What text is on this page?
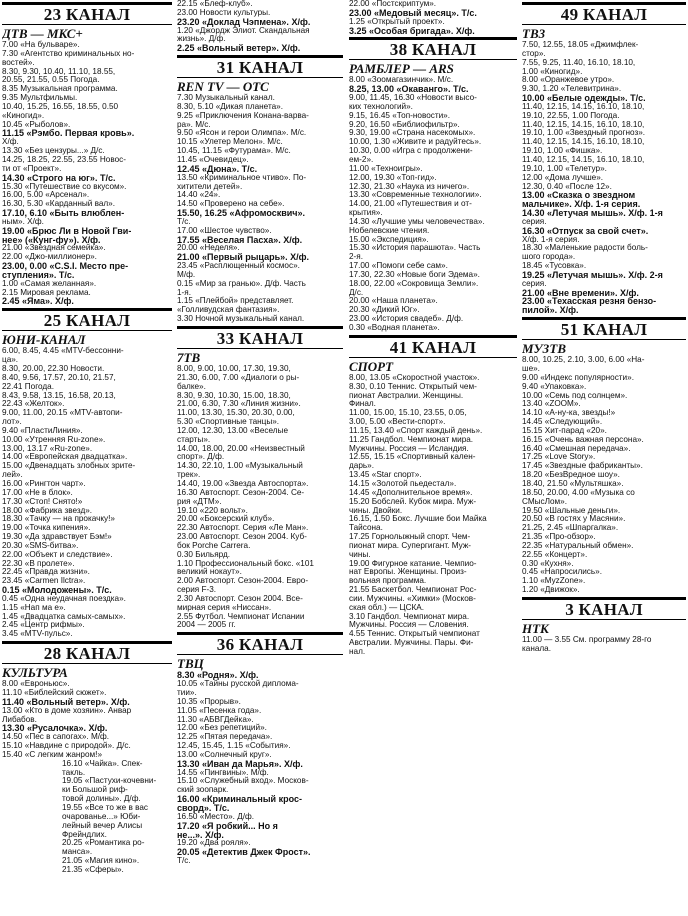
23 КАНАЛ
ДТВ — МКС+
7.00 «На бульваре».
7.30 «Агентство криминальных но-
востей».
8.30, 9.30, 10.40, 11.10, 18.55,
20.55, 21.55, 0.55 Погода.
8.35 Музыкальная программа.
9.35 Мультфильмы.
10.40, 15.25, 16.55, 18.55, 0.50
«Киногид».
10.45 «Рыболов».
11.15 «Рэмбо. Первая кровь».
Х/ф.
13.30 «Без цензуры...» Д/с.
14.25, 18.25, 22.55, 23.55 Новос-
ти от «Проект».
14.30 «Строго на юг». Т/с.
15.30 «Путешествие со вкусом».
16.00, 5.00 «Арсенал».
16.30, 5.30 «Карданный вал».
17.10, 6.10 «Быть влюблен-
ным». Х/ф.
19.00 «Брюс Ли в Новой Гви-
нее» («Кунг-фу»). Х/ф.
21.00 «Звездная семейка».
22.00 «Джо-миллионер».
23.00, 0.00 «C.S.I. Место пре-
ступления». Т/с.
1.00 «Самая желанная».
2.15 Мировая реклама.
2.45 «Яма». Х/ф.
25 КАНАЛ
ЮНИ-КАНАЛ
6.00, 8.45, 4.45 «MTV-бессонни-
ца».
8.30, 20.00, 22.30 Новости.
8.40, 9.56, 17.57, 20.10, 21.57,
22.41 Погода.
8.43, 9.58, 13.15, 16.58, 20.13,
22.43 «Желток».
9.00, 11.00, 20.15 «MTV-автопи-
лот».
9.40 «ПластиЛиния».
10.00 «Утренняя Ru-zone».
13.00, 13.17 «Ru-zone».
14.00 «Европейская двадцатка».
15.00 «Двенадцать злобных зрите-
лей».
16.00 «Рингтон чарт».
17.00 «Не в блок».
17.30 «Стоп! Снято!»
18.00 «Фабрика звезд».
18.30 «Тачку — на прокачку!»
19.00 «Точка кипения».
19.30 «Да здравствует Бэм!»
20.30 «SMS-битва».
22.00 «Объект и следствие».
22.30 «В пролете».
22.45 «Правда жизни».
23.45 «Carmen Ilctra».
0.15 «Молодожены». Т/с.
0.45 «Одна неудачная поездка».
1.15 «Нап ма е».
1.45 «Двадцатка самых-самых».
2.45 «Центр рифмы».
3.45 «MTV-пульс».
28 КАНАЛ
КУЛЬТУРА
8.00 «Евроньюс».
11.10 «Библейский сюжет».
11.40 «Вольный ветер». Х/ф.
13.00 «Кто в доме хозяин». Анвар
Либабов.
13.30 «Русалочка». Х/ф.
14.50 «Пес в сапогах». М/ф.
15.10 «Навдине с природой». Д/с.
15.40 «С легким жанром!»
16.10 «Чайка». Спек-
такль.
19.05 «Пастухи-кочевни-
ки Большой риф-
товой долины». Д/ф.
19.55 «Все то же в вас
очарованье...» Юби-
лейный вечер Алисы
Фрейндлих.
20.25 «Романтика рo-
манса».
21.05 «Магия кино».
21.35 «Сферы».
22.15 «Блеф-клуб».
23.00 Новости культуры.
23.20 «Доклад Чэпмена». Х/ф.
1.20 «Джордж Элиот. Скандальная
жизнь». Д/ф.
2.25 «Вольный ветер». Х/ф.
31 КАНАЛ
REN TV — OTC
7.30 Музыкальный канал.
8.30, 5.10 «Дикая планета».
9.25 «Приключения Конана-варва-
ра». М/с.
9.50 «Ясон и герои Олимпа». М/с.
10.15 «Улетер Мелон». М/с.
10.45, 11.15 «Футурама». М/с.
11.45 «Очевидец».
12.45 «Дюна». Т/с.
13.50 «Криминальное чтиво». По-
хитители детей».
14.40 «24».
14.50 «Проверено на себе».
15.50, 16.25 «Афромосквич».
Т/с.
17.00 «Шестое чувство».
17.55 «Веселая Пасха». Х/ф.
20.00 «Неделя».
21.00 «Первый рыцарь». Х/ф.
23.45 «Расплющенный космос».
М/ф.
0.15 «Мир за гранью». Д/ф. Часть
1-я.
1.15 «Плейбой» представляет.
«Голливудская фантазия».
3.30 Ночной музыкальный канал.
33 КАНАЛ
7ТВ
8.00, 9.00, 10.00, 17.30, 19.30,
21.30, 6.00, 7.00 «Диалоги о ры-
балке».
8.30, 9.30, 10.30, 15.00, 18.30,
21.00, 6.30, 7.30 «Линия жизни».
11.00, 13.30, 15.30, 20.30, 0.00,
5.30 «Спортивные танцы».
12.00, 12.30, 13.00 «Веселые
старты».
14.00, 18.00, 20.00 «Неизвестный
спорт». Д/ф.
14.30, 22.10, 1.00 «Музыкальный
трек».
14.40, 19.00 «Звезда Автоспорта».
16.30 Автоспорт. Сезон-2004. Се-
рия «ДТМ».
19.10 «220 вольт».
20.00 «Боксерский клуб».
22.30 Автоспорт. Серия «Ле Ман».
23.00 Автоспорт. Сезон 2004. Куб-
бок Porche Carrera.
0.30 Бильярд.
1.10 Профессиональный бокс. «101
великий нокаут».
2.00 Автоспорт. Сезон-2004. Евро-
серия F-3.
2.30 Автоспорт. Сезон 2004. Все-
мирная серия «Ниссан».
2.55 Футбол. Чемпионат Испании
2004 — 2005 гг.
36 КАНАЛ
ТВЦ
8.30 «Родня». Х/ф.
10.05 «Тайны русской диплома-
тии».
10.35 «Прорыв».
11.05 «Песенка года».
11.30 «АБВГДейка».
12.00 «Без репетиций».
12.25 «Пятая передача».
12.45, 15.45, 1.15 «События».
13.00 «Солнечный круг».
13.30 «Иван да Марья». Х/ф.
14.55 «Пингвины». М/ф.
15.10 «Служебный вход». Москов-
ский зоопарк.
16.00 «Криминальный крос-
сворд». Т/с.
16.50 «Место». Д/ф.
17.20 «Я робкий... Но я
не...». Х/ф.
19.20 «Два рояля».
20.05 «Детектив Джек Фрост».
Т/с.
22.00 «Постскриптум».
23.00 «Медовый месяц». Т/с.
1.25 «Открытый проект».
3.25 «Особая бригада». Х/ф.
38 КАНАЛ
РАМБЛЕР — ARS
8.00 «Зоомагазинчик». М/с.
8.25, 13.00 «Окаванго». Т/с.
9.00, 11.45, 16.30 «Новости высо-
ких технологий».
9.15, 16.45 «Топ-новости».
9.20, 16.50 «Библиофильтр».
9.30, 19.00 «Страна насекомых».
10.00, 1.30 «Живите и радуйтесь».
10.30, 0.00 «Игра с продолжени-
ем-2».
11.00 «Техноигры».
12.00, 19.30 «Топ-гид».
12.30, 21.30 «Наука из ничего».
13.30 «Современные технологии».
14.00, 21.00 «Путешествия и от-
крытия».
14.30 «Лучшие умы человечества».
Нобелевские чтения.
15.00 «Экспедиция».
15.30 «История парашюта». Часть
2-я.
17.00 «Помоги себе сам».
17.30, 22.30 «Новые боги Эдема».
18.00, 22.00 «Сокровища Земли».
Д/с.
20.00 «Наша планета».
20.30 «Дикий Юг».
23.00 «История свадеб». Д/ф.
0.30 «Водная планета».
41 КАНАЛ
СПОРТ
8.00, 13.05 «Скоростной участок».
8.30, 0.10 Теннис. Открытый чем-
пионат Австралии. Женщины.
Финал.
11.00, 15.00, 15.10, 23.55, 0.05,
3.00, 5.00 «Вести-спорт».
11.15, 13.40 «Спорт каждый день».
11.25 Гандбол. Чемпионат мира.
Мужчины. Россия — Исландия.
12.55, 15.15 «Спортивный кален-
дарь».
13.45 «Star спорт».
14.15 «Золотой пьедестал».
14.45 «Дополнительное время».
15.20 Бобслей. Кубок мира. Муж-
чины. Двойки.
16.15, 1.50 Бокс. Лучшие бои Майка
Тайсона.
17.25 Горнолыжный спорт. Чем-
пионат мира. Супергигант. Муж-
чины.
19.00 Фигурное катание. Чемпио-
нат Европы. Женщины. Произ-
вольная программа.
21.55 Баскетбол. Чемпионат Рос-
сии. Мужчины. «Химки» (Москов-
ская обл.) — ЦСКА.
3.10 Гандбол. Чемпионат мира.
Мужчины. Россия — Словения.
4.55 Теннис. Открытый чемпионат
Австралии. Мужчины. Пары. Фи-
нал.
49 КАНАЛ
ТВ3
7.50, 12.55, 18.05 «Джимфлек-
стор».
7.55, 9.25, 11.40, 16.10, 18.10,
1.00 «Киногид».
8.00 «Оранжевое утро».
9.30, 1.20 «Телевитрина».
10.00 «Белые одежды». Т/с.
11.40, 12.15, 14.15, 16.10, 18.10,
19.10, 22.55, 1.00 Погода.
11.40, 12.15, 14.15, 16.10, 18.10,
19.10, 1.00 «Звездный прогноз».
11.40, 12.15, 14.15, 16.10, 18.10,
19.10, 1.00 «Фишка».
11.40, 12.15, 14.15, 16.10, 18.10,
19.10, 1.00 «Телетур».
12.00 «Дома лучше».
12.30, 0.40 «После 12».
13.00 «Сказка о звездном
мальчике». Х/ф. 1-я серия.
14.30 «Летучая мышь». Х/ф. 1-я
серия.
16.30 «Отпуск за свой счет».
Х/ф. 1-я серия.
18.30 «Маленькие радости боль-
шого города».
18.45 «Тусовка».
19.25 «Летучая мышь». Х/ф. 2-я
серия.
21.00 «Вне времени». Х/ф.
23.00 «Техасская резня бензо-
пилой». Х/ф.
51 КАНАЛ
МУЗТВ
8.00, 10.25, 2.10, 3.00, 6.00 «На-
ше».
9.00 «Индекс популярности».
9.40 «Упаковка».
10.00 «Семь под солнцем».
13.40 «ZOOM».
14.10 «А-ну-ка, звезды!»
14.45 «Следующий».
15.15 Хит-парад «20».
16.15 «Очень важная персона».
16.40 «Смешная передача».
17.25 «Love Story».
17.45 «Звездные фабриканты».
18.20 «БезВредное шоу».
18.40, 21.50 «Мультяшка».
18.50, 20.00, 4.00 «Музыка со
СМысЛом».
19.50 «Шальные деньги».
20.50 «В гостях у Масяни».
21.25, 2.45 «Шпаргалка».
21.35 «Про-обзор».
22.35 «Натуральный обмен».
22.55 «Концерт».
0.30 «Кухня».
0.45 «Напросились».
1.10 «MyzZone».
1.20 «Движок».
3 КАНАЛ
НТК
11.00 — 3.55 См. программу 28-го
канала.
